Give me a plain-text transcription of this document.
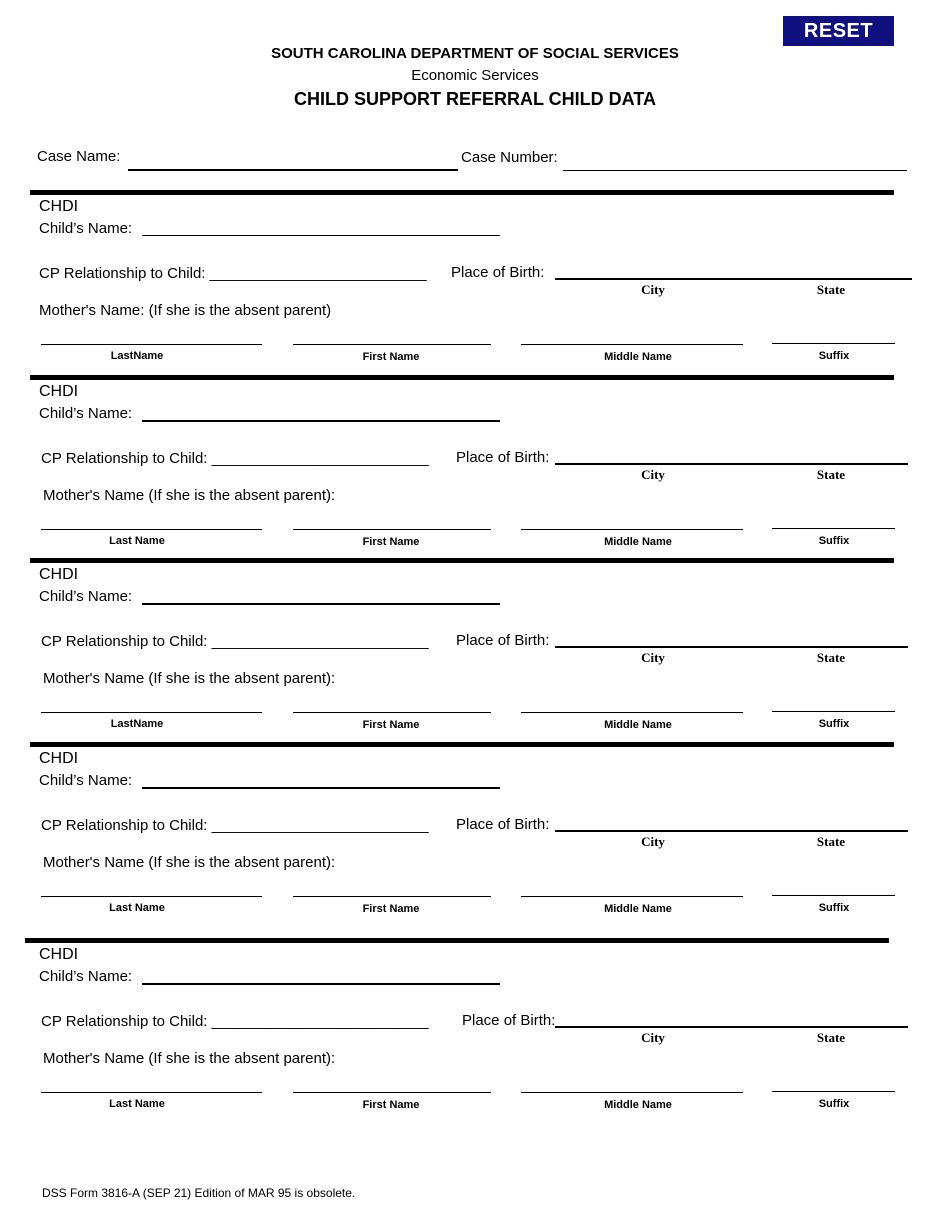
RESET
SOUTH CAROLINA DEPARTMENT OF SOCIAL SERVICES
Economic Services
CHILD SUPPORT REFERRAL CHILD DATA
Case Name:	Case Number:
CHDI
Child’s Name:
CP Relationship to Child: __________________________ Place of Birth:
City	State
Mother's Name: (If she is the absent parent)
LastName	First Name	Middle Name	Suffix
CHDI
Child’s Name:
CP Relationship to Child: __________________________ Place of Birth:
City	State
Mother's Name (If she is the absent parent):
Last Name	First Name	Middle Name	Suffix
CHDI
Child’s Name:
CP Relationship to Child: __________________________ Place of Birth:
City	State
Mother's Name (If she is the absent parent):
LastName	First Name	Middle Name	Suffix
CHDI
Child’s Name:
CP Relationship to Child: __________________________ Place of Birth:
City	State
Mother's Name (If she is the absent parent):
Last Name	First Name	Middle Name	Suffix
CHDI
Child’s Name:
CP Relationship to Child: __________________________ Place of Birth:
City	State
Mother's Name (If she is the absent parent):
Last Name	First Name	Middle Name	Suffix
DSS Form 3816-A (SEP 21) Edition of MAR 95 is obsolete.
